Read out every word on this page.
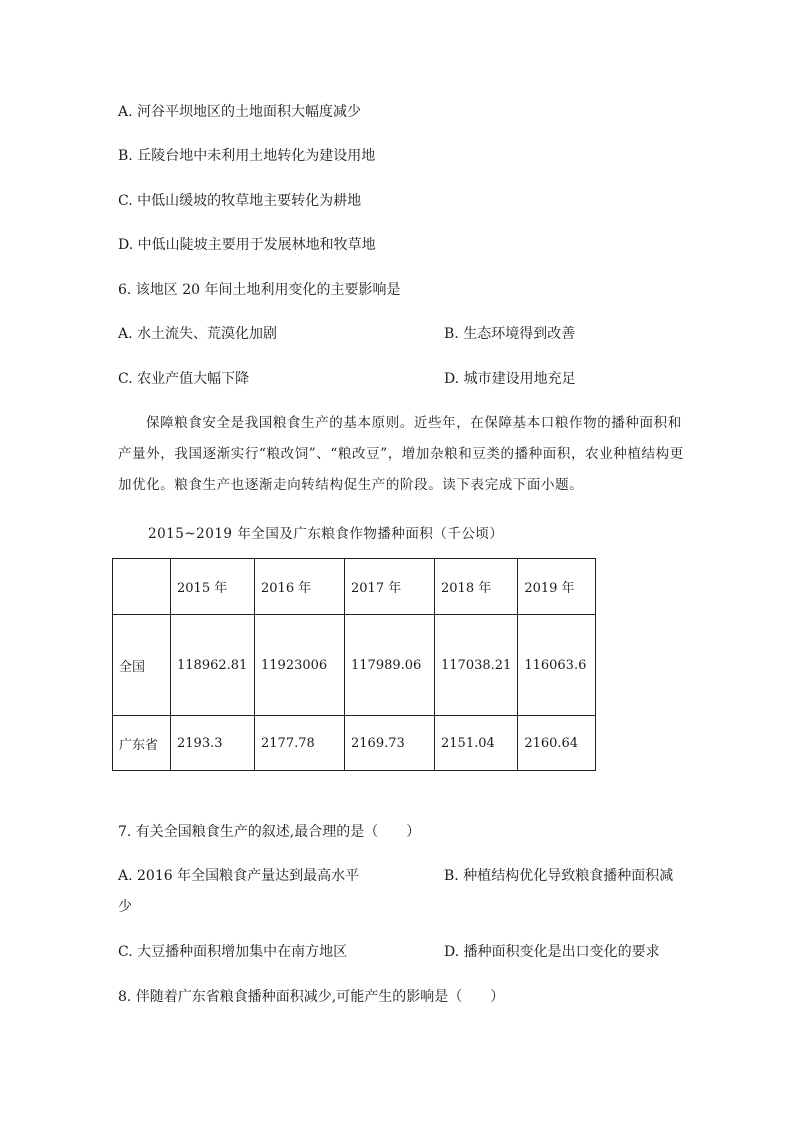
A. 河谷平坝地区的土地面积大幅度减少
B. 丘陵台地中未利用土地转化为建设用地
C. 中低山缓坡的牧草地主要转化为耕地
D. 中低山陡坡主要用于发展林地和牧草地
6. 该地区 20 年间土地利用变化的主要影响是
A. 水土流失、荒漠化加剧	B. 生态环境得到改善
C. 农业产值大幅下降	D. 城市建设用地充足
保障粮食安全是我国粮食生产的基本原则。近些年，在保障基本口粮作物的播种面积和产量外，我国逐渐实行“粮改饲”、“粮改豆”，增加杂粮和豆类的播种面积，农业种植结构更加优化。粮食生产也逐渐走向转结构促生产的阶段。读下表完成下面小题。
2015~2019 年全国及广东粮食作物播种面积（千公顷）
	2015 年	2016 年	2017 年	2018 年	2019 年
全国	118962.81	11923006	117989.06	117038.21	116063.6
广东省	2193.3	2177.78	2169.73	2151.04	2160.64
7. 有关全国粮食生产的叙述,最合理的是（　　）
A. 2016 年全国粮食产量达到最高水平	B. 种植结构优化导致粮食播种面积减
少
C. 大豆播种面积增加集中在南方地区	D. 播种面积变化是出口变化的要求
8. 伴随着广东省粮食播种面积减少,可能产生的影响是（　　）
